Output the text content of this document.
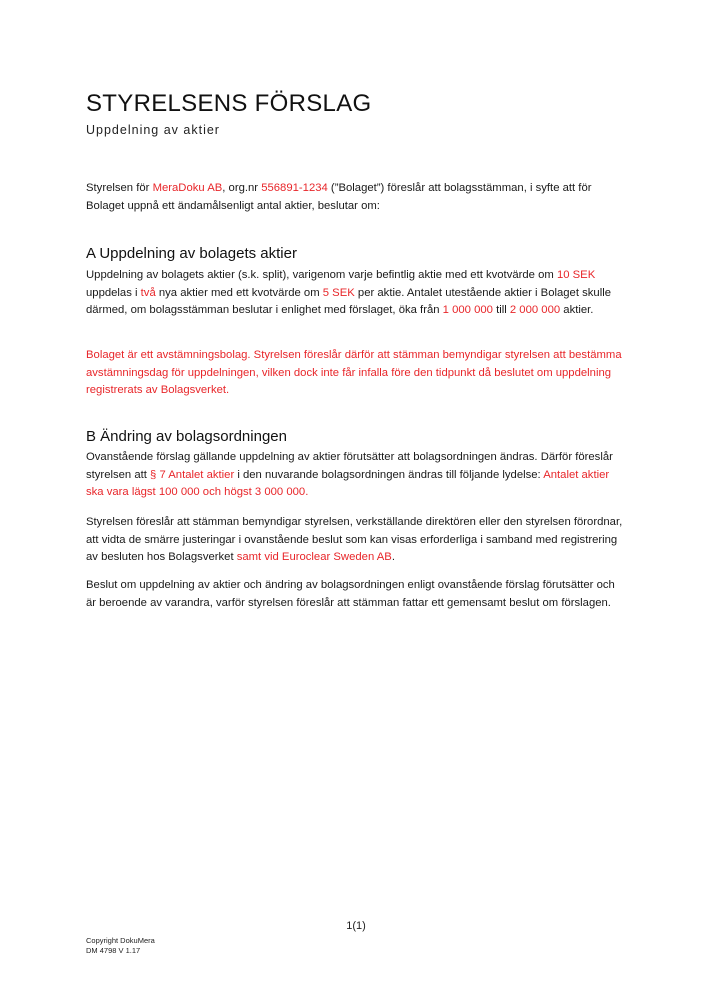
STYRELSENS FÖRSLAG

Uppdelning av aktier

Styrelsen för MeraDoku AB, org.nr 556891-1234 (”Bolaget”) föreslår att bolagsstämman, i syfte att för Bolaget uppnå ett ändamålsenligt antal aktier, beslutar om:

A Uppdelning av bolagets aktier

Uppdelning av bolagets aktier (s.k. split), varigenom varje befintlig aktie med ett kvotvärde om 10 SEK uppdelas i två nya aktier med ett kvotvärde om 5 SEK per aktie. Antalet utestående aktier i Bolaget skulle därmed, om bolagsstämman beslutar i enlighet med förslaget, öka från 1 000 000 till 2 000 000 aktier.

Bolaget är ett avstämningsbolag. Styrelsen föreslår därför att stämman bemyndigar styrelsen att bestämma avstämningsdag för uppdelningen, vilken dock inte får infalla före den tidpunkt då beslutet om uppdelning registrerats av Bolagsverket.

B Ändring av bolagsordningen

Ovanstående förslag gällande uppdelning av aktier förutsätter att bolagsordningen ändras. Därför föreslår styrelsen att § 7 Antalet aktier i den nuvarande bolagsordningen ändras till följande lydelse: Antalet aktier ska vara lägst 100 000 och högst 3 000 000.

Styrelsen föreslår att stämman bemyndigar styrelsen, verkställande direktören eller den styrelsen förordnar, att vidta de smärre justeringar i ovanstående beslut som kan visas erforderliga i samband med registrering av besluten hos Bolagsverket samt vid Euroclear Sweden AB.

Beslut om uppdelning av aktier och ändring av bolagsordningen enligt ovanstående förslag förutsätter och är beroende av varandra, varför styrelsen föreslår att stämman fattar ett gemensamt beslut om förslagen.

1(1)
Copyright DokuMera
DM 4798 V 1.17
